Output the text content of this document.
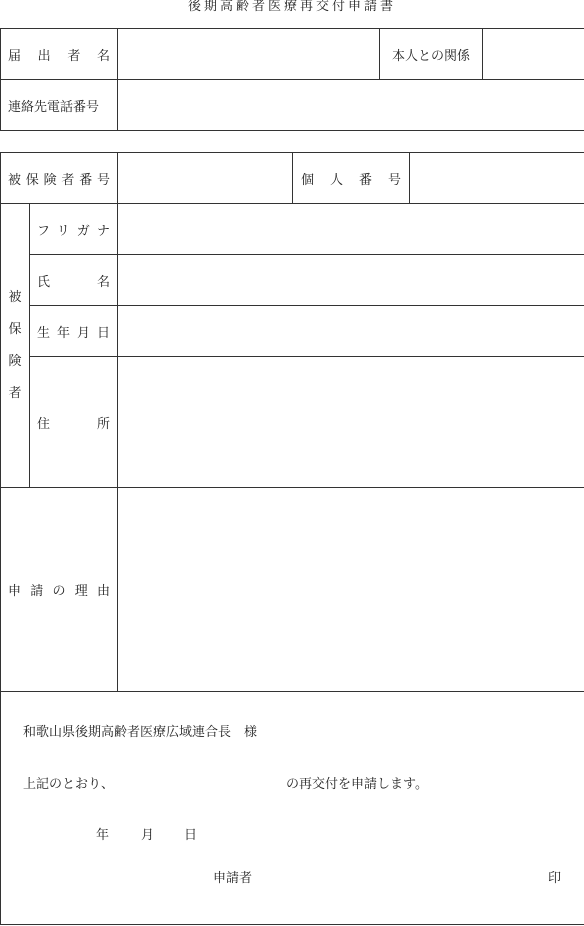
後期高齢者医療再交付申請書
届出者名		本人との関係	
連絡先電話番号			
被保険者番号			個人番号	

被
保
険
者	フリガナ			
	氏名			
	生年月日			
	住所			
申請の理由				

和歌山県後期高齢者医療広域連合長　様
上記のとおり、	の再交付を申請します。
年 月 日
申請者	印
